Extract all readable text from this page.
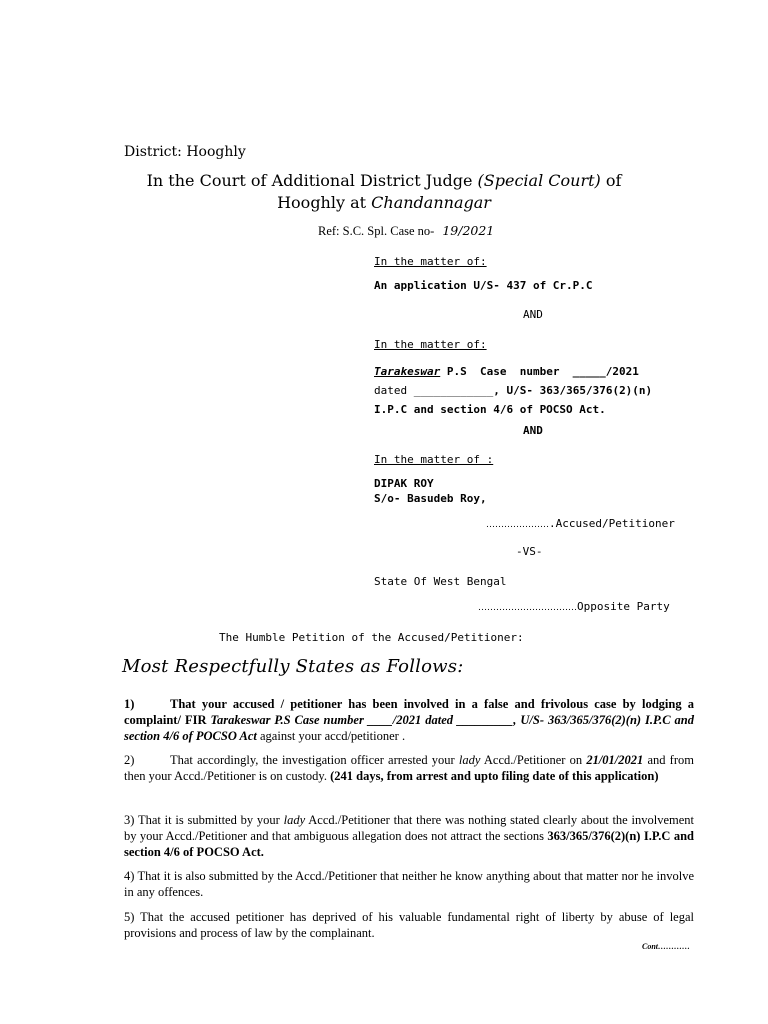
District: Hooghly
In the Court of Additional District Judge (Special Court) of
Hooghly at Chandannagar
Ref: S.C. Spl. Case no- 19/2021
In the matter of:
An application U/S- 437 of Cr.P.C
AND
In the matter of:
Tarakeswar P.S  Case  number  _____/2021
dated ____________, U/S- 363/365/376(2)(n)
I.P.C and section 4/6 of POCSO Act.
AND
In the matter of :
DIPAK ROY
S/o- Basudeb Roy,
………………….Accused/Petitioner
-VS-
State Of West Bengal
……………………………Opposite Party
The Humble Petition of the Accused/Petitioner:
Most Respectfully States as Follows:
1)	That your accused / petitioner has been involved in a false and frivolous case by lodging a complaint/ FIR Tarakeswar P.S Case number ____/2021 dated _________, U/S- 363/365/376(2)(n) I.P.C and section 4/6 of POCSO Act against your accd/petitioner .
2)	That accordingly, the investigation officer arrested your lady Accd./Petitioner on 21/01/2021 and from then your Accd./Petitioner is on custody. (241 days, from arrest and upto filing date of this application)
3) That it is submitted by your lady Accd./Petitioner that there was nothing stated clearly about the involvement by your Accd./Petitioner and that ambiguous allegation does not attract the sections 363/365/376(2)(n) I.P.C and section 4/6 of POCSO Act.
4) That it is also submitted by the Accd./Petitioner that neither he know anything about that matter nor he involve in any offences.
5) That the accused petitioner has deprived of his valuable fundamental right of liberty by abuse of legal provisions and process of law by the complainant.
Cont…………
